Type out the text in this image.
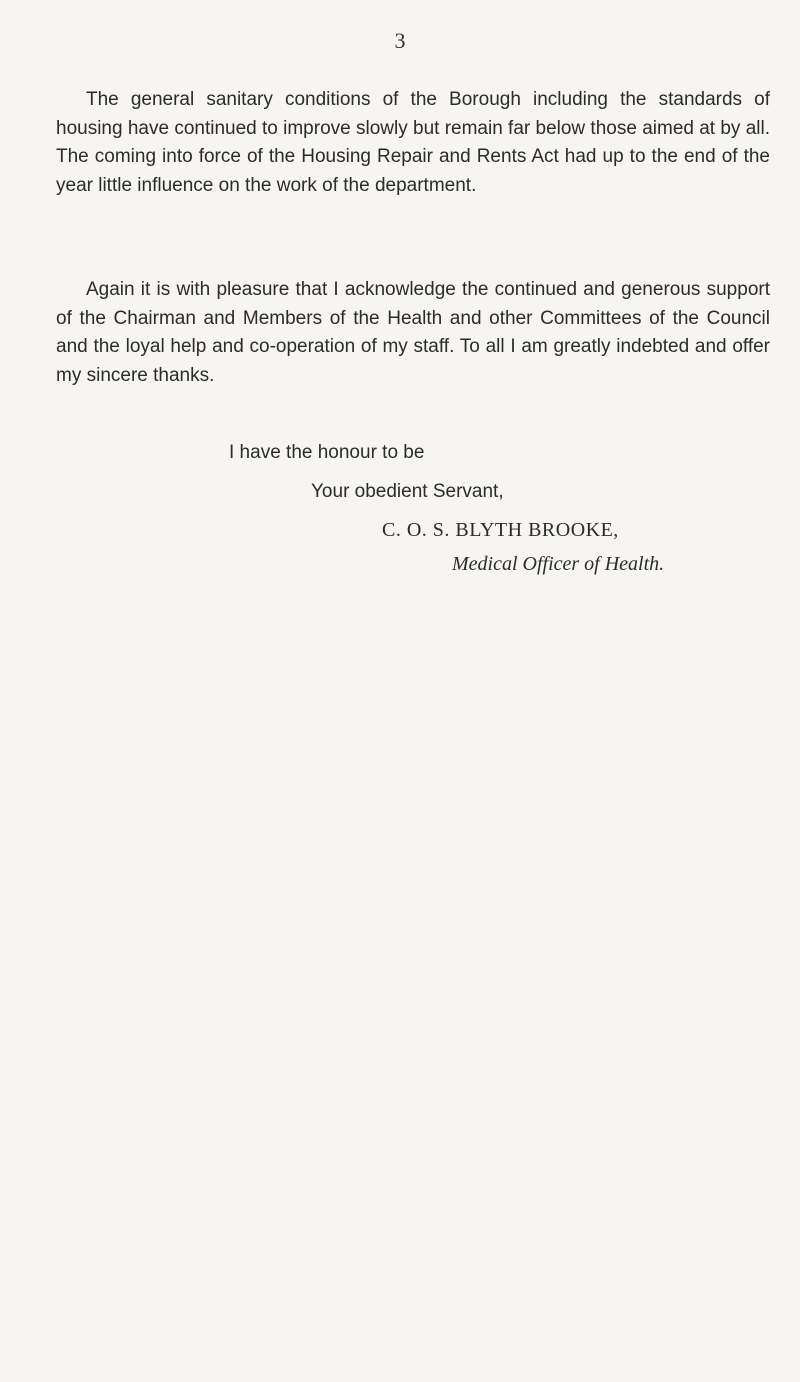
3

The general sanitary conditions of the Borough including the standards of housing have continued to improve slowly but remain far below those aimed at by all. The coming into force of the Housing Repair and Rents Act had up to the end of the year little influence on the work of the department.

Again it is with pleasure that I acknowledge the continued and generous support of the Chairman and Members of the Health and other Committees of the Council and the loyal help and co-operation of my staff. To all I am greatly indebted and offer my sincere thanks.

I have the honour to be
Your obedient Servant,
C. O. S. BLYTH BROOKE,
Medical Officer of Health.
